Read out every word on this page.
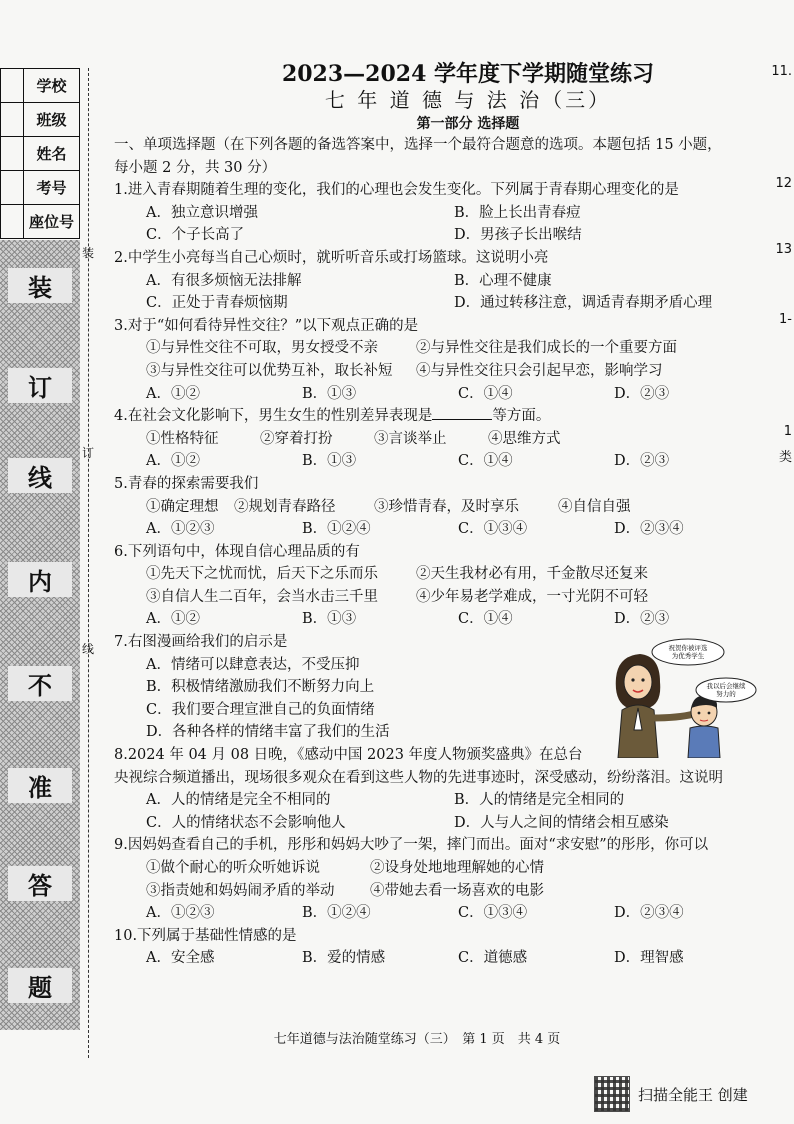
	学校
	班级
	姓名
	考号
	座位号
装
订
线
内
不
准
答
题
装
订
线
11.
12
13
1-
1
类
2023—2024 学年度下学期随堂练习
七 年 道 德 与 法 治（三）
第一部分 选择题
一、单项选择题（在下列各题的备选答案中，选择一个最符合题意的选项。本题包括 15 小题，
每小题 2 分，共 30 分）
1.进入青春期随着生理的变化，我们的心理也会发生变化。下列属于青春期心理变化的是
A．独立意识增强	B．脸上长出青春痘
C．个子长高了	D．男孩子长出喉结
2.中学生小亮每当自己心烦时，就听听音乐或打场篮球。这说明小亮
A．有很多烦恼无法排解	B．心理不健康
C．正处于青春烦恼期	D．通过转移注意，调适青春期矛盾心理
3.对于“如何看待异性交往？”以下观点正确的是
①与异性交往不可取，男女授受不亲	②与异性交往是我们成长的一个重要方面
③与异性交往可以优势互补，取长补短 ④与异性交往只会引起早恋，影响学习
A．①②	B．①③	C．①④	D．②③
4.在社会文化影响下，男生女生的性别差异表现是	等方面。
①性格特征	②穿着打扮	③言谈举止	④思维方式
A．①②	B．①③	C．①④	D．②③
5.青春的探索需要我们
①确定理想 ②规划青春路径	③珍惜青春，及时享乐	④自信自强
A．①②③	B．①②④	C．①③④	D．②③④
6.下列语句中，体现自信心理品质的有
①先天下之忧而忧，后天下之乐而乐	②天生我材必有用，千金散尽还复来
③自信人生二百年，会当水击三千里	④少年易老学难成，一寸光阴不可轻
A．①②	B．①③	C．①④	D．②③
7.右图漫画给我们的启示是
A．情绪可以肆意表达，不受压抑
B．积极情绪激励我们不断努力向上
C．我们要合理宣泄自己的负面情绪
D．各种各样的情绪丰富了我们的生活
8.2024 年 04 月 08 日晚，《感动中国 2023 年度人物颁奖盛典》在总台
央视综合频道播出，现场很多观众在看到这些人物的先进事迹时，深受感动，纷纷落泪。这说明
A．人的情绪是完全不相同的	B．人的情绪是完全相同的
C．人的情绪状态不会影响他人	D．人与人之间的情绪会相互感染
9.因妈妈查看自己的手机，彤彤和妈妈大吵了一架，摔门而出。面对“求安慰”的彤彤，你可以
①做个耐心的听众听她诉说	②设身处地地理解她的心情
③指责她和妈妈闹矛盾的举动 ④带她去看一场喜欢的电影
A．①②③	B．①②④	C．①③④	D．②③④
10.下列属于基础性情感的是
A．安全感	B．爱的情感	C．道德感	D．理智感
祝贺你被评选为优秀学生
我以后会继续努力的
七年道德与法治随堂练习（三）　第 1 页　共 4 页
扫描全能王 创建
